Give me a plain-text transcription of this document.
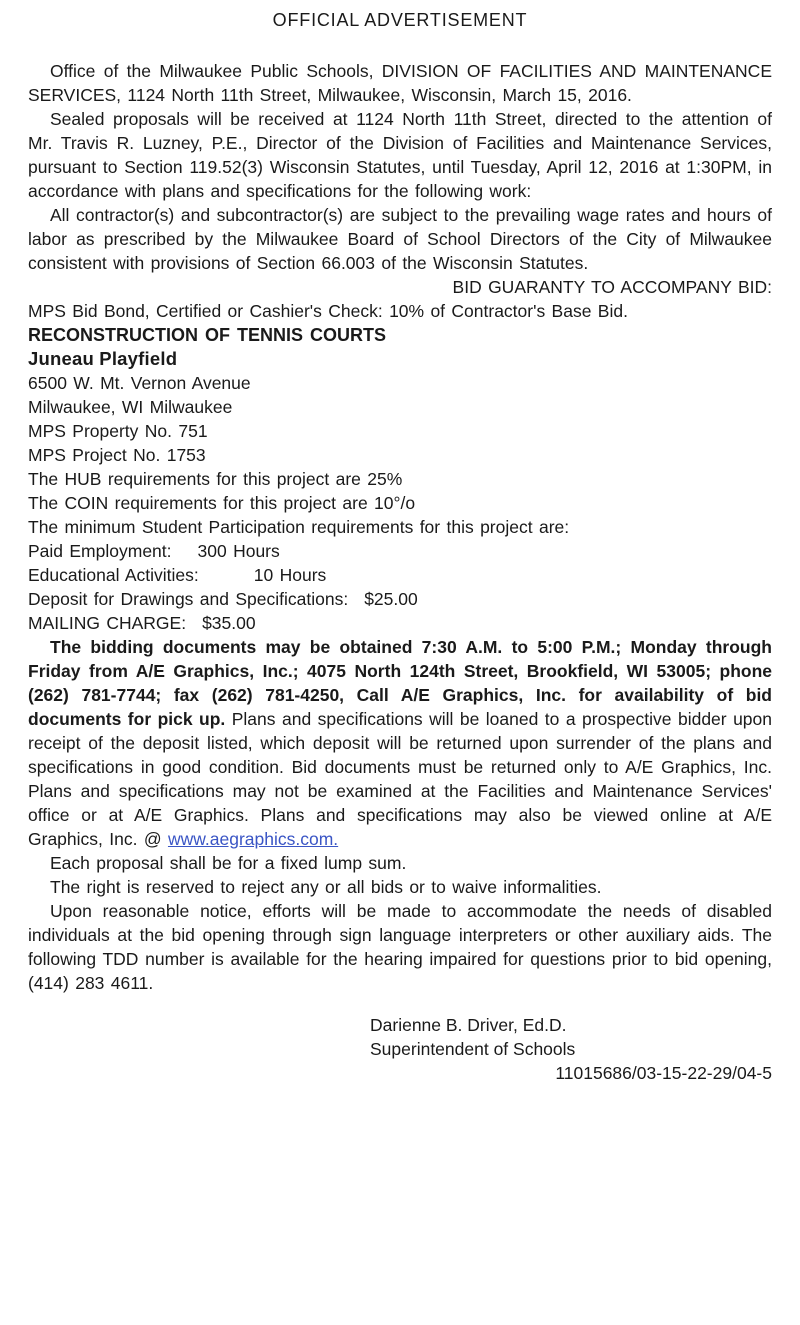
OFFICIAL ADVERTISEMENT

Office of the Milwaukee Public Schools, DIVISION OF FACILITIES AND MAINTENANCE SERVICES, 1124 North 11th Street, Milwaukee, Wisconsin, March 15, 2016.

Sealed proposals will be received at 1124 North 11th Street, directed to the attention of Mr. Travis R. Luzney, P.E., Director of the Division of Facilities and Maintenance Services, pursuant to Section 119.52(3) Wisconsin Statutes, until Tuesday, April 12, 2016 at 1:30PM, in accordance with plans and specifications for the following work:

All contractor(s) and subcontractor(s) are subject to the prevailing wage rates and hours of labor as prescribed by the Milwaukee Board of School Directors of the City of Milwaukee consistent with provisions of Section 66.003 of the Wisconsin Statutes.

BID GUARANTY TO ACCOMPANY BID:

MPS Bid Bond, Certified or Cashier's Check: 10% of Contractor's Base Bid.

RECONSTRUCTION OF TENNIS COURTS

Juneau Playfield

6500 W. Mt. Vernon Avenue

Milwaukee, WI Milwaukee

MPS Property No. 751

MPS Project No. 1753

The HUB requirements for this project are 25%

The COIN requirements for this project are 10°/o

The minimum Student Participation requirements for this project are:

Paid Employment: 300 Hours

Educational Activities:	10 Hours

Deposit for Drawings and Specifications: $25.00

MAILING CHARGE: $35.00

The bidding documents may be obtained 7:30 A.M. to 5:00 P.M.; Monday through Friday from A/E Graphics, Inc.; 4075 North 124th Street, Brookfield, WI 53005; phone (262) 781-7744; fax (262) 781-4250, Call A/E Graphics, Inc. for availability of bid documents for pick up. Plans and specifications will be loaned to a prospective bidder upon receipt of the deposit listed, which deposit will be returned upon surrender of the plans and specifications in good condition. Bid documents must be returned only to A/E Graphics, Inc. Plans and specifications may not be examined at the Facilities and Maintenance Services' office or at A/E Graphics. Plans and specifications may also be viewed online at A/E Graphics, Inc. @ www.aegraphics.com.

Each proposal shall be for a fixed lump sum.

The right is reserved to reject any or all bids or to waive informalities.

Upon reasonable notice, efforts will be made to accommodate the needs of disabled individuals at the bid opening through sign language interpreters or other auxiliary aids. The following TDD number is available for the hearing impaired for questions prior to bid opening, (414) 283 4611.

Darienne B. Driver, Ed.D.
Superintendent of Schools

11015686/03-15-22-29/04-5
